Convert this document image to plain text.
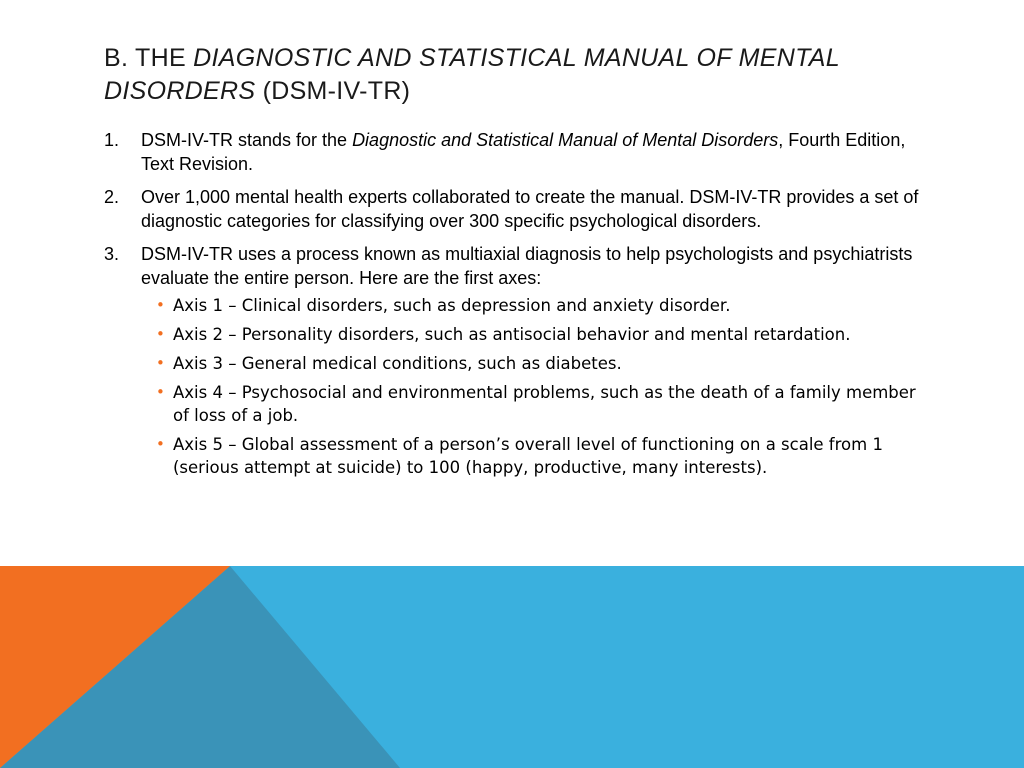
B. THE DIAGNOSTIC AND STATISTICAL MANUAL OF MENTAL DISORDERS (DSM-IV-TR)
1. DSM-IV-TR stands for the Diagnostic and Statistical Manual of Mental Disorders, Fourth Edition, Text Revision.
2. Over 1,000 mental health experts collaborated to create the manual. DSM-IV-TR provides a set of diagnostic categories for classifying over 300 specific psychological disorders.
3. DSM-IV-TR uses a process known as multiaxial diagnosis to help psychologists and psychiatrists evaluate the entire person. Here are the first axes:
• Axis 1 – Clinical disorders, such as depression and anxiety disorder.
• Axis 2 – Personality disorders, such as antisocial behavior and mental retardation.
• Axis 3 – General medical conditions, such as diabetes.
• Axis 4 – Psychosocial and environmental problems, such as the death of a family member of loss of a job.
• Axis 5 – Global assessment of a person’s overall level of functioning on a scale from 1 (serious attempt at suicide) to 100 (happy, productive, many interests).
